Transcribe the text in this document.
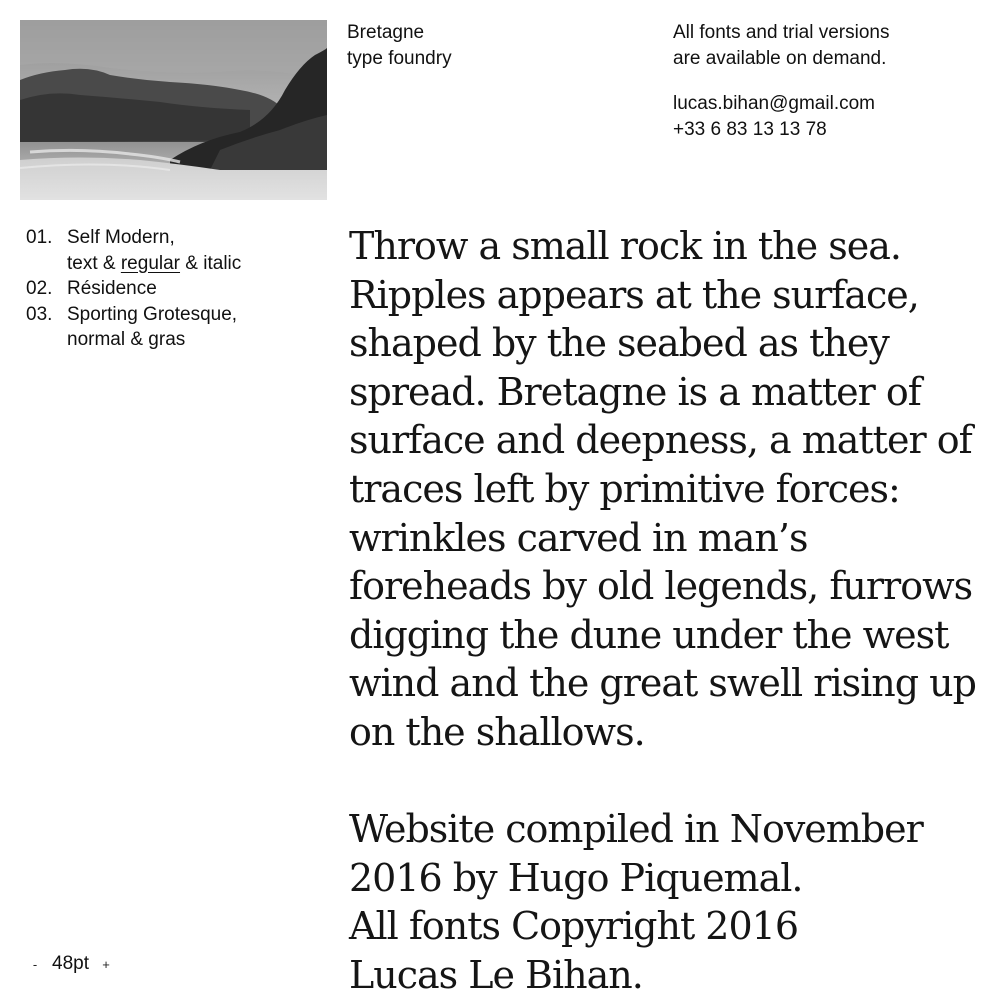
Bretagne
type foundry
All fonts and trial versions
are available on demand.
lucas.bihan@gmail.com
+33 6 83 13 13 78
01. Self Modern,
text & regular & italic
02. Résidence
03. Sporting Grotesque,
normal & gras

Throw a small rock in the sea. Ripples appears at the surface, shaped by the seabed as they spread. Bretagne is a matter of surface and deepness, a matter of traces left by primitive forces: wrinkles carved in man’s foreheads by old legends, furrows digging the dune under the west wind and the great swell rising up on the shallows.

Website compiled in November

2016 by Hugo Piquemal.

All fonts Copyright 2016

Lucas Le Bihan.

- 48pt +
